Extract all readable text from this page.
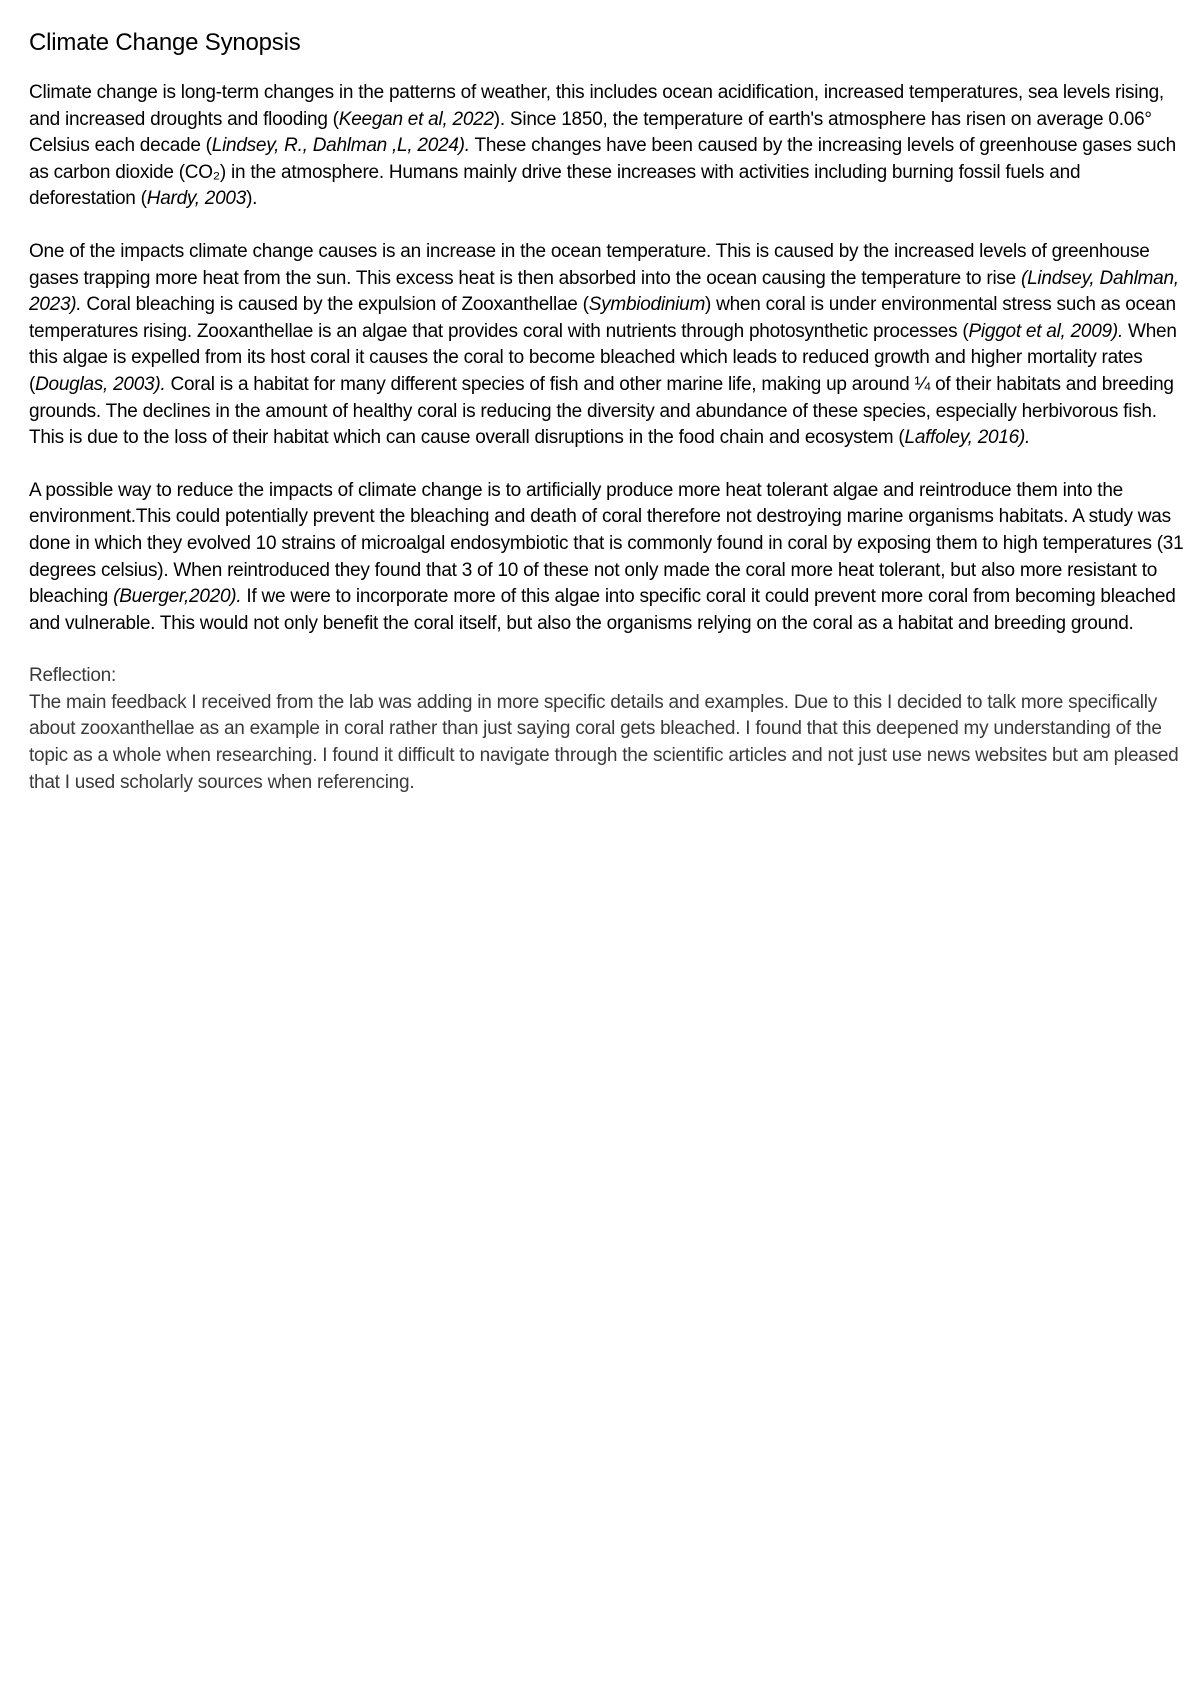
Climate Change Synopsis

Climate change is long-term changes in the patterns of weather, this includes ocean acidification, increased temperatures, sea levels rising, and increased droughts and flooding (Keegan et al, 2022). Since 1850, the temperature of earth's atmosphere has risen on average 0.06° Celsius each decade (Lindsey, R., Dahlman ,L, 2024). These changes have been caused by the increasing levels of greenhouse gases such as carbon dioxide (CO₂) in the atmosphere. Humans mainly drive these increases with activities including burning fossil fuels and deforestation (Hardy, 2003).

One of the impacts climate change causes is an increase in the ocean temperature. This is caused by the increased levels of greenhouse gases trapping more heat from the sun. This excess heat is then absorbed into the ocean causing the temperature to rise (Lindsey, Dahlman, 2023). Coral bleaching is caused by the expulsion of Zooxanthellae (Symbiodinium) when coral is under environmental stress such as ocean temperatures rising. Zooxanthellae is an algae that provides coral with nutrients through photosynthetic processes (Piggot et al, 2009). When this algae is expelled from its host coral it causes the coral to become bleached which leads to reduced growth and higher mortality rates (Douglas, 2003). Coral is a habitat for many different species of fish and other marine life, making up around ¼ of their habitats and breeding grounds. The declines in the amount of healthy coral is reducing the diversity and abundance of these species, especially herbivorous fish. This is due to the loss of their habitat which can cause overall disruptions in the food chain and ecosystem (Laffoley, 2016).

A possible way to reduce the impacts of climate change is to artificially produce more heat tolerant algae and reintroduce them into the environment.This could potentially prevent the bleaching and death of coral therefore not destroying marine organisms habitats. A study was done in which they evolved 10 strains of microalgal endosymbiotic that is commonly found in coral by exposing them to high temperatures (31 degrees celsius). When reintroduced they found that 3 of 10 of these not only made the coral more heat tolerant, but also more resistant to bleaching (Buerger,2020). If we were to incorporate more of this algae into specific coral it could prevent more coral from becoming bleached and vulnerable. This would not only benefit the coral itself, but also the organisms relying on the coral as a habitat and breeding ground.

Reflection:
The main feedback I received from the lab was adding in more specific details and examples. Due to this I decided to talk more specifically about zooxanthellae as an example in coral rather than just saying coral gets bleached. I found that this deepened my understanding of the topic as a whole when researching. I found it difficult to navigate through the scientific articles and not just use news websites but am pleased that I used scholarly sources when referencing.
